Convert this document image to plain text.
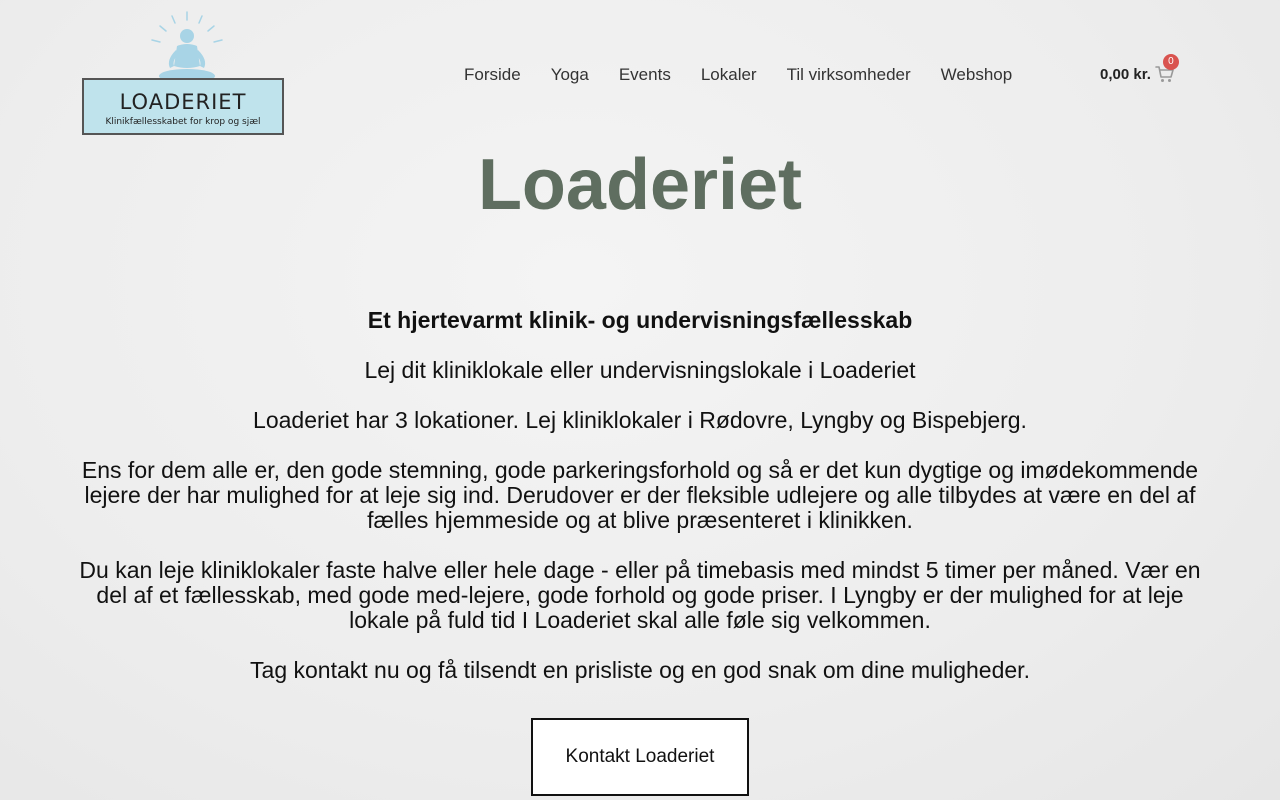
LOADERIET
Klinikfællesskabet for krop og sjæl
Forside	Yoga	Events	Lokaler	Til virksomheder	Webshop	0,00 kr.
0
Loaderiet

Et hjertevarmt klinik- og undervisningsfællesskab

Lej dit kliniklokale eller undervisningslokale i Loaderiet

Loaderiet har 3 lokationer. Lej kliniklokaler i Rødovre, Lyngby og Bispebjerg.

Ens for dem alle er, den gode stemning, gode parkeringsforhold og så er det kun dygtige og imødekommende lejere der har mulighed for at leje sig ind. Derudover er der fleksible udlejere og alle tilbydes at være en del af fælles hjemmeside og at blive præsenteret i klinikken.

Du kan leje kliniklokaler faste halve eller hele dage - eller på timebasis med mindst 5 timer per måned. Vær en del af et fællesskab, med gode med-lejere, gode forhold og gode priser. I Lyngby er der mulighed for at leje lokale på fuld tid I Loaderiet skal alle føle sig velkommen.

Tag kontakt nu og få tilsendt en prisliste og en god snak om dine muligheder.

Kontakt Loaderiet
